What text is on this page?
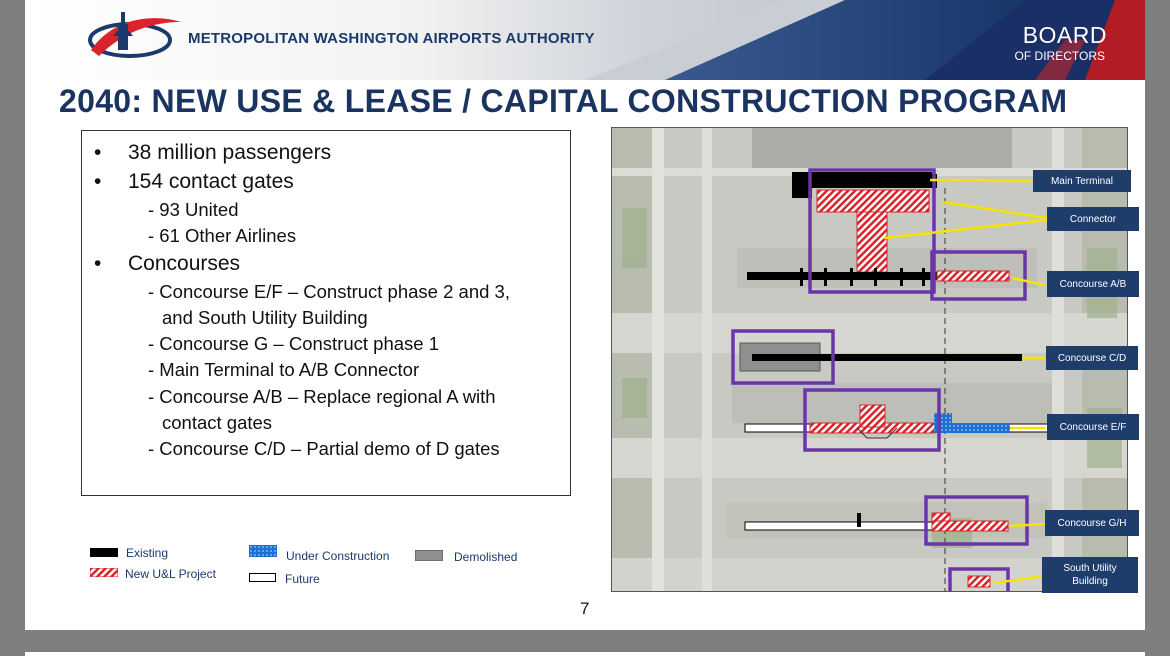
METROPOLITAN WASHINGTON AIRPORTS AUTHORITY	BOARD
OF DIRECTORS
2040: NEW USE & LEASE / CAPITAL CONSTRUCTION PROGRAM
• 38 million passengers
• 154 contact gates
- 93 United
- 61 Other Airlines
• Concourses
- Concourse E/F – Construct phase 2 and 3,
and South Utility Building
- Concourse G – Construct phase 1
- Main Terminal to A/B Connector
- Concourse A/B – Replace regional A with
contact gates
- Concourse C/D – Partial demo of D gates
Existing
New U&L Project
Under Construction
Future
Demolished
Main Terminal
Connector
Concourse A/B
Concourse C/D
Concourse E/F
Concourse G/H
South Utility
Building
7
